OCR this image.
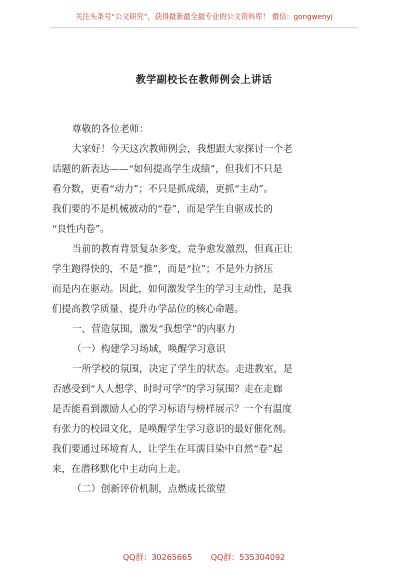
关注头条号“公文研究”，获得最新最全最专业的公文资料库！ 微信：gongwenyj
教学副校长在教师例会上讲话

尊敬的各位老师：

大家好！今天这次教师例会，我想跟大家探讨一个老

话题的新表达——“如何提高学生成绩”，但我们不只是

看分数，更看“动力”；不只是抓成绩，更抓“主动”。

我们要的不是机械被动的“卷”，而是学生自驱成长的

“良性内卷”。

当前的教育背景复杂多变，竞争愈发激烈，但真正让

学生跑得快的，不是“推”，而是“拉”；不是外力挤压

而是内在驱动。因此，如何激发学生的学习主动性，是我

们提高教学质量、提升办学品位的核心命题。

一、营造氛围，激发“我想学”的内驱力

（一）构建学习场域，唤醒学习意识

一所学校的氛围，决定了学生的状态。走进教室，是

否感受到“人人想学、时时可学”的学习氛围？走在走廊

是否能看到激励人心的学习标语与榜样展示？一个有温度

有张力的校园文化，是唤醒学生学习意识的最好催化剂。

我们要通过环境育人，让学生在耳濡目染中自然“卷”起

来，在潜移默化中主动向上走。

（二）创新评价机制，点燃成长欲望

QQ群：30265665 QQ群：535304092
